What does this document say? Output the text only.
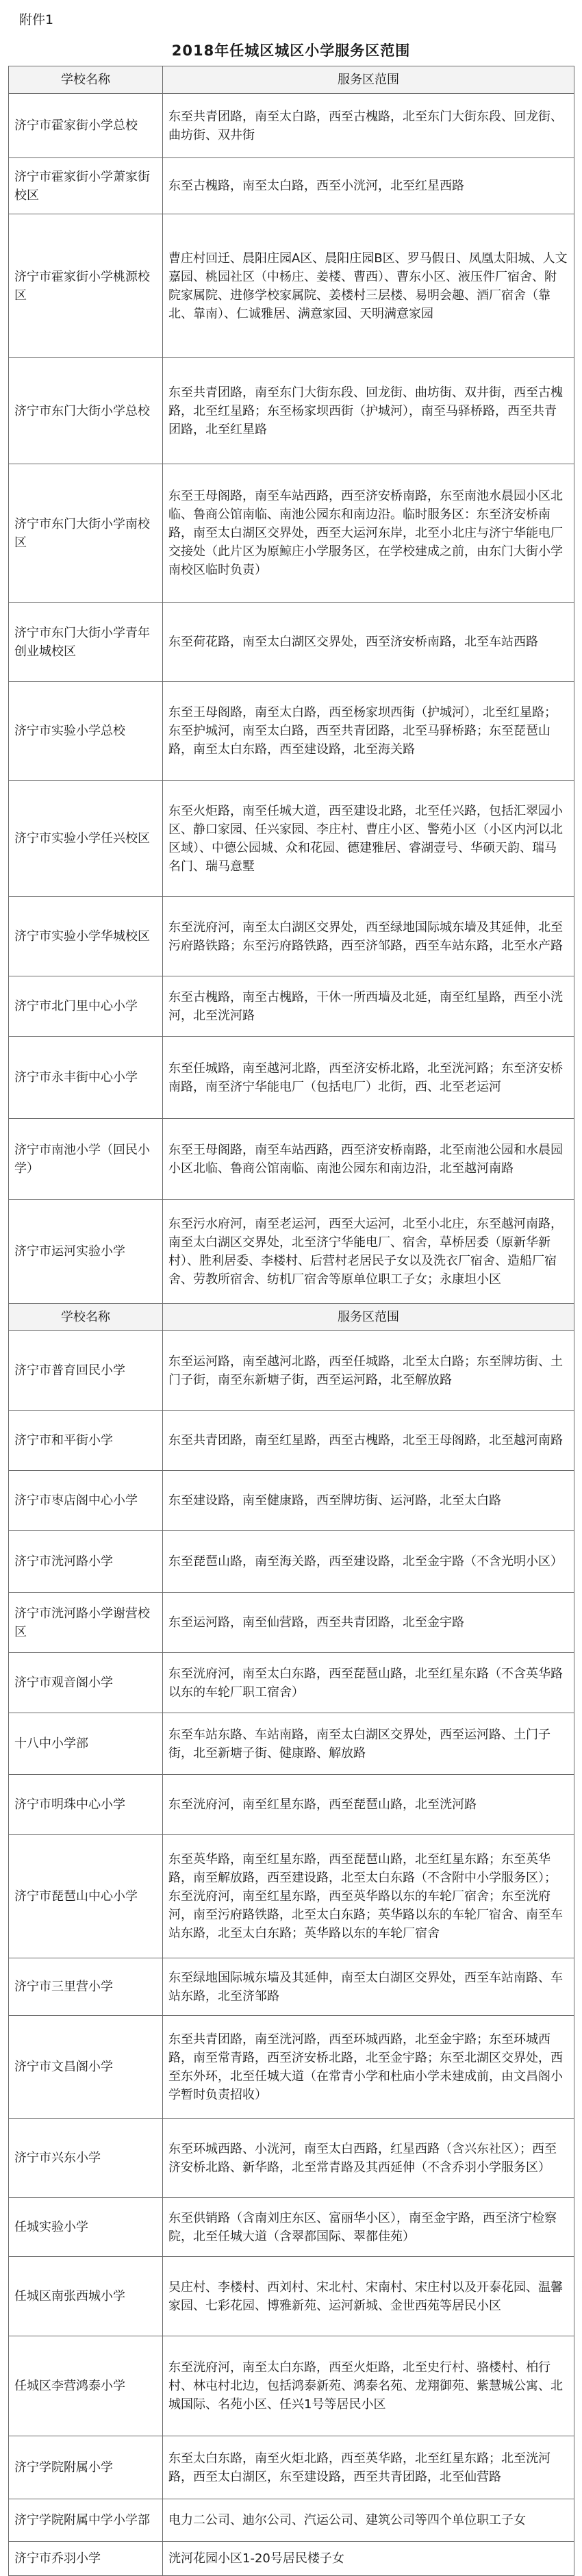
附件1
2018年任城区城区小学服务区范围
学校名称	服务区范围
济宁市霍家街小学总校	东至共青团路，南至太白路，西至古槐路，北至东门大街东段、回龙街、曲坊街、双井街
济宁市霍家街小学萧家街校区	东至古槐路，南至太白路，西至小洸河，北至红星西路
济宁市霍家街小学桃源校区	曹庄村回迁、晨阳庄园A区、晨阳庄园B区、罗马假日、凤凰太阳城、人文嘉园、桃园社区（中杨庄、姜楼、曹西）、曹东小区、液压件厂宿舍、附院家属院、进修学校家属院、姜楼村三层楼、易明会趣、酒厂宿舍（靠北、靠南）、仁诚雅居、满意家园、天明满意家园
济宁市东门大街小学总校	东至共青团路，南至东门大街东段、回龙街、曲坊街、双井街，西至古槐路，北至红星路；东至杨家坝西街（护城河），南至马驿桥路，西至共青团路，北至红星路
济宁市东门大街小学南校区	东至王母阁路，南至车站西路，西至济安桥南路，东至南池水晨园小区北临、鲁商公馆南临、南池公园东和南边沿。临时服务区：东至济安桥南路，南至太白湖区交界处，西至大运河东岸，北至小北庄与济宁华能电厂交接处（此片区为原鲸庄小学服务区，在学校建成之前，由东门大街小学南校区临时负责）
济宁市东门大街小学青年创业城校区	东至荷花路，南至太白湖区交界处，西至济安桥南路，北至车站西路
济宁市实验小学总校	东至王母阁路，南至太白路，西至杨家坝西街（护城河），北至红星路；东至护城河，南至太白路，西至共青团路，北至马驿桥路；东至琵琶山路，南至太白东路，西至建设路，北至海关路
济宁市实验小学任兴校区	东至火炬路，南至任城大道，西至建设北路，北至任兴路，包括汇翠园小区、静口家园、任兴家园、李庄村、曹庄小区、警苑小区（小区内河以北区域）、中德公园城、众和花园、德建雅居、睿湖壹号、华硕天韵、瑞马名门、瑞马意墅
济宁市实验小学华城校区	东至洸府河，南至太白湖区交界处，西至绿地国际城东墙及其延伸，北至污府路铁路；东至污府路铁路，西至济邹路，西至车站东路，北至水产路
济宁市北门里中心小学	东至古槐路，南至古槐路，干休一所西墙及北延，南至红星路，西至小洸河，北至洸河路
济宁市永丰街中心小学	东至任城路，南至越河北路，西至济安桥北路，北至洸河路；东至济安桥南路，南至济宁华能电厂（包括电厂）北街，西、北至老运河
济宁市南池小学（回民小学）	东至王母阁路，南至车站西路，西至济安桥南路，北至南池公园和水晨园小区北临、鲁商公馆南临、南池公园东和南边沿，北至越河南路
济宁市运河实验小学	东至污水府河，南至老运河，西至大运河，北至小北庄，东至越河南路，南至太白湖区交界处，北至济宁华能电厂、宿舍，草桥居委（原新华新村）、胜利居委、李楼村、后营村老居民子女以及洗衣厂宿舍、造船厂宿舍、劳教所宿舍、纺机厂宿舍等原单位职工子女；永康坦小区
学校名称	服务区范围
济宁市普育回民小学	东至运河路，南至越河北路，西至任城路，北至太白路；东至牌坊街、土门子街，南至东新塘子街，西至运河路，北至解放路
济宁市和平街小学	东至共青团路，南至红星路，西至古槐路，北至王母阁路，北至越河南路
济宁市枣店阁中心小学	东至建设路，南至健康路，西至牌坊街、运河路，北至太白路
济宁市洸河路小学	东至琵琶山路，南至海关路，西至建设路，北至金宇路（不含光明小区）
济宁市洸河路小学谢营校区	东至运河路，南至仙营路，西至共青团路，北至金宇路
济宁市观音阁小学	东至洸府河，南至太白东路，西至琵琶山路，北至红星东路（不含英华路以东的车轮厂职工宿舍）
十八中小学部	东至车站东路、车站南路，南至太白湖区交界处，西至运河路、土门子街，北至新塘子街、健康路、解放路
济宁市明珠中心小学	东至洸府河，南至红星东路，西至琵琶山路，北至洸河路
济宁市琵琶山中心小学	东至英华路，南至红星东路，西至琵琶山路，北至红星东路；东至英华路，南至解放路，西至建设路，北至太白东路（不含附中小学服务区）；东至洸府河，南至红星东路，西至英华路以东的车轮厂宿舍；东至洸府河，南至污府路铁路，北至太白东路；英华路以东的车轮厂宿舍、南至车站东路，北至太白东路；英华路以东的车轮厂宿舍
济宁市三里营小学	东至绿地国际城东墙及其延伸，南至太白湖区交界处，西至车站南路、车站东路，北至济邹路
济宁市文昌阁小学	东至共青团路，南至洸河路，西至环城西路，北至金宇路；东至环城西路，南至常青路，西至济安桥北路，北至金宇路；东至北湖区交界处，西至东外环，北至任城大道（在常青小学和杜庙小学未建成前，由文昌阁小学暂时负责招收）
济宁市兴东小学	东至环城西路、小洸河，南至太白西路，红星西路（含兴东社区）；西至济安桥北路、新华路，北至常青路及其西延伸（不含乔羽小学服务区）
任城实验小学	东至供销路（含南刘庄东区、富丽华小区），南至金宇路，西至济宁检察院，北至任城大道（含翠都国际、翠都佳苑）
任城区南张西城小学	吴庄村、李楼村、西刘村、宋北村、宋南村、宋庄村以及开泰花园、温馨家园、七彩花园、博雅新苑、运河新城、金世西苑等居民小区
任城区李营鸿泰小学	东至洸府河，南至太白东路，西至火炬路，北至史行村、骆楼村、柏行村、林屯村北边，包括鸿泰新苑、鸿泰名苑、龙翔御苑、紫慧城公寓、北城国际、名苑小区、任兴1号等居民小区
济宁学院附属小学	东至太白东路，南至火炬北路，西至英华路，北至红星东路；北至洸河路，西至太白湖区，东至建设路，西至共青团路，北至仙营路
济宁学院附属中学小学部	电力二公司、迪尔公司、汽运公司、建筑公司等四个单位职工子女
济宁市乔羽小学	洸河花园小区1-20号居民楼子女
